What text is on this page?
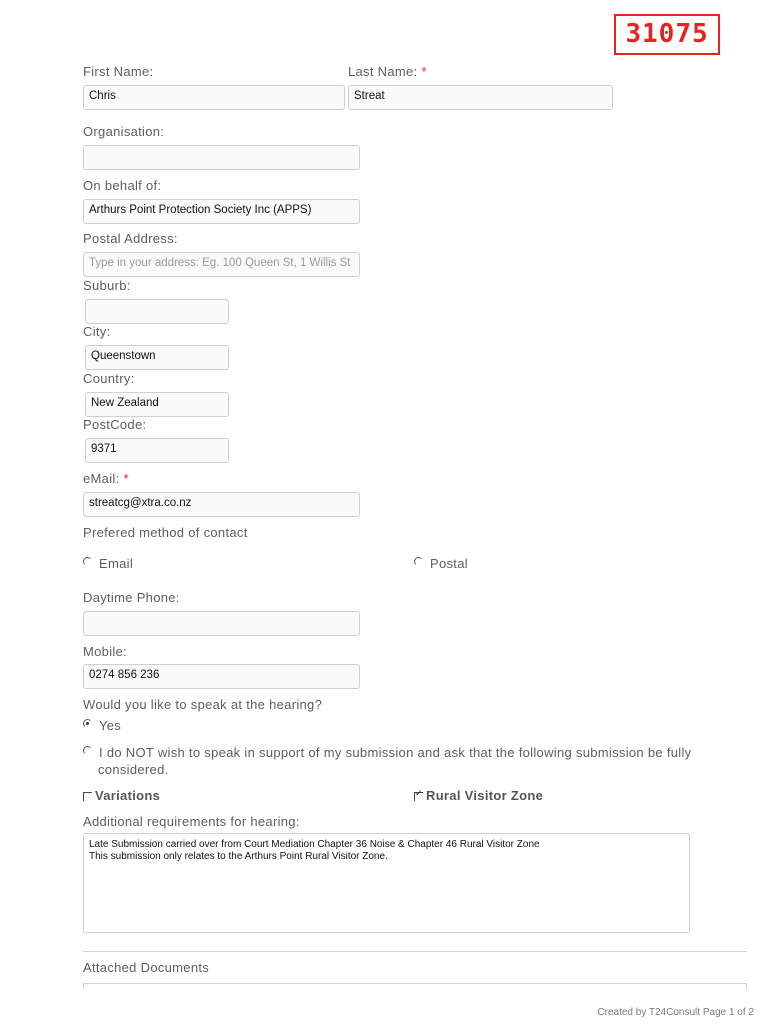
31075
First Name:
Chris
Last Name: *
Streat
Organisation:
On behalf of:
Arthurs Point Protection Society Inc (APPS)
Postal Address:
Type in your address: Eg. 100 Queen St, 1 Willis St
Suburb:
City:
Queenstown
Country:
New Zealand
PostCode:
9371
eMail: *
streatcg@xtra.co.nz
Prefered method of contact
Email	Postal
Daytime Phone:
Mobile:
0274 856 236
Would you like to speak at the hearing?
Yes
I do NOT wish to speak in support of my submission and ask that the following submission be fully
considered.
Variations
✓	Rural Visitor Zone
Additional requirements for hearing:
Late Submission carried over from Court Mediation Chapter 36 Noise & Chapter 46 Rural Visitor Zone
This submission only relates to the Arthurs Point Rural Visitor Zone.
Attached Documents
Created by T24Consult Page 1 of 2
